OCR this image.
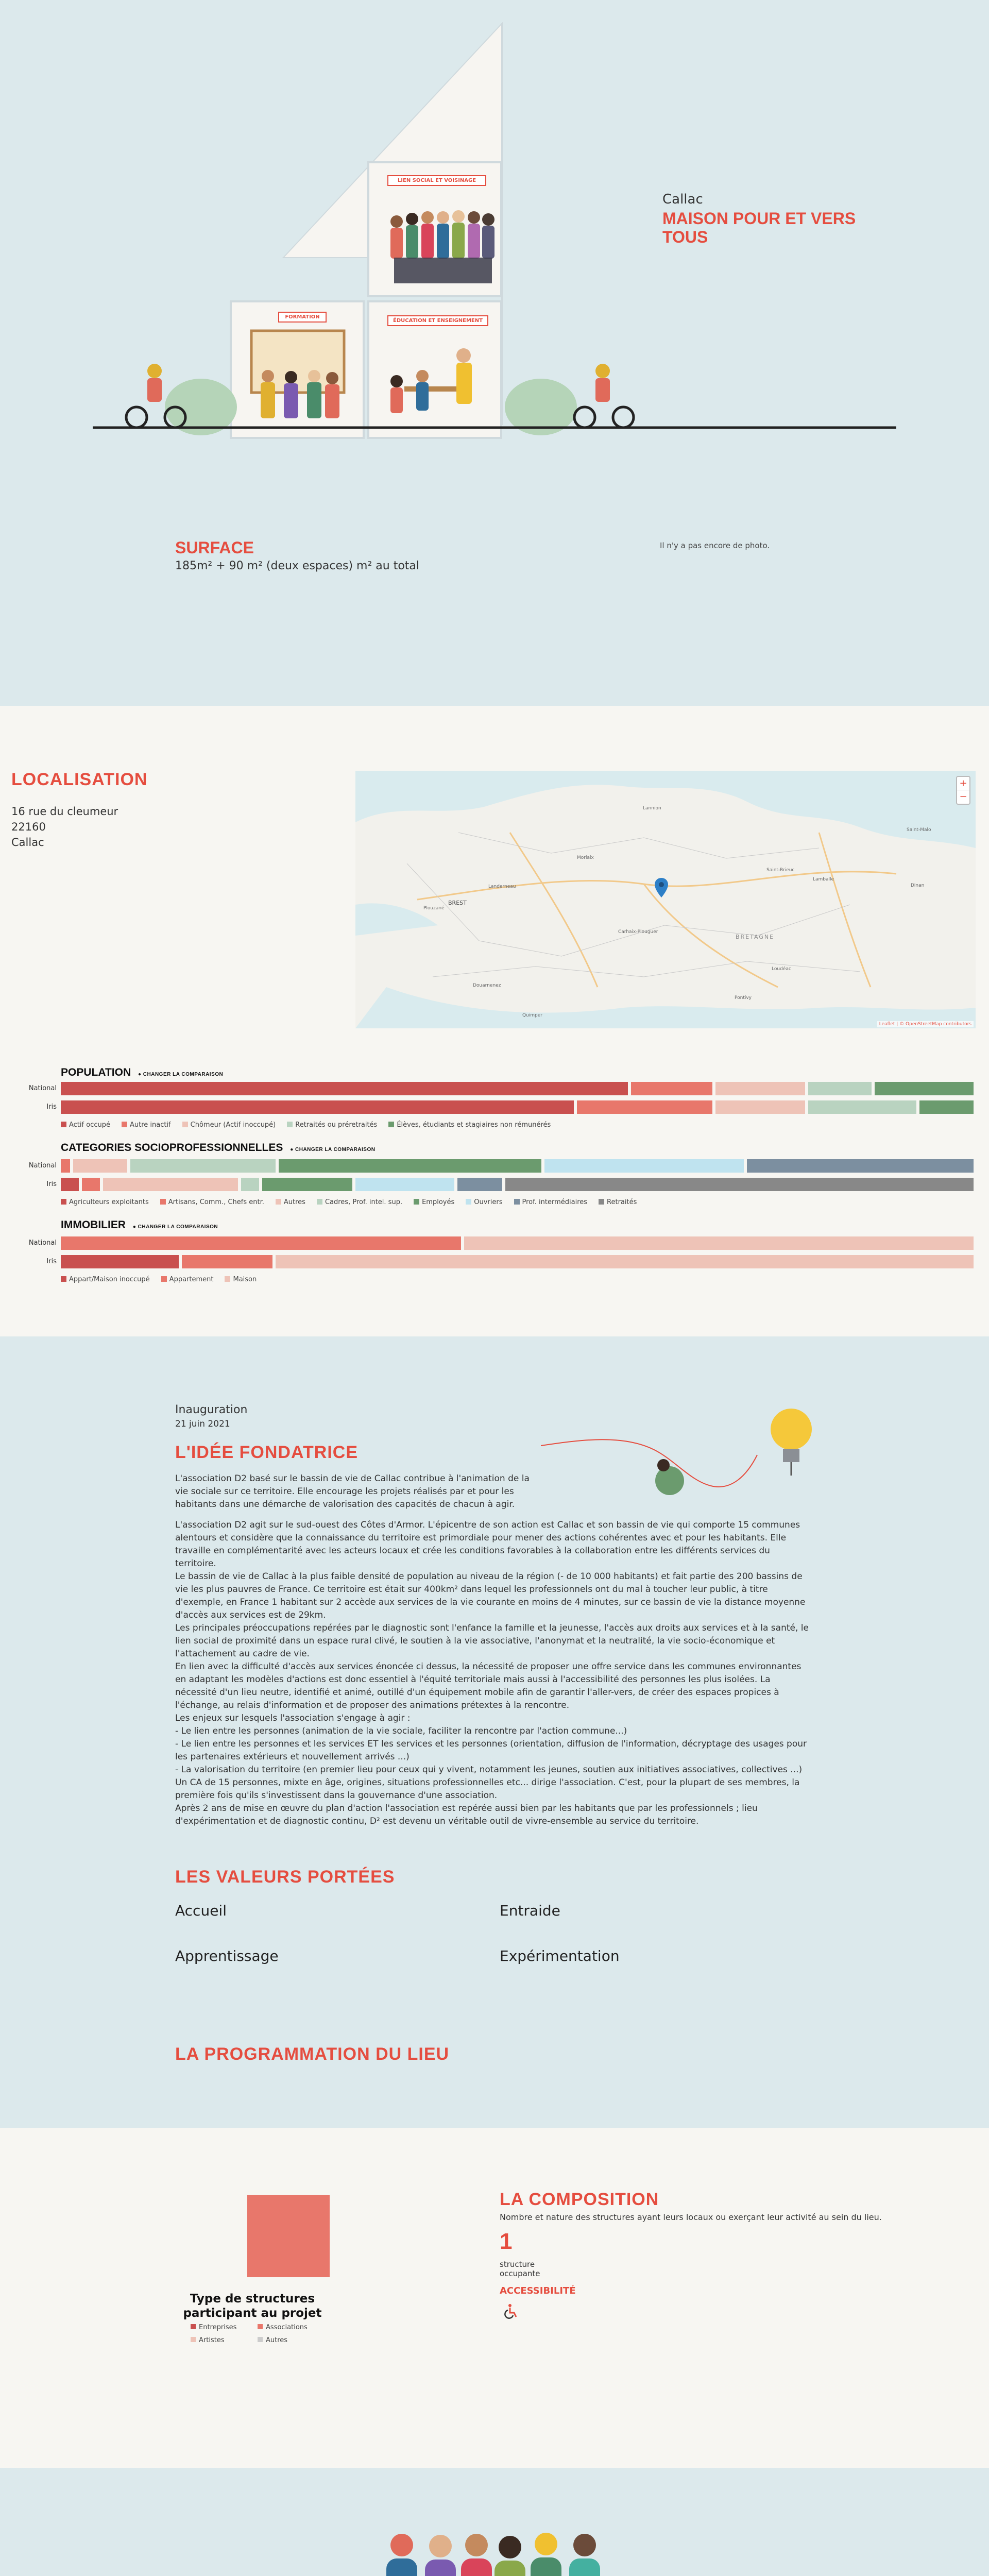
LIEN SOCIAL ET VOISINAGE
FORMATION
ÉDUCATION ET ENSEIGNEMENT
Callac
MAISON POUR ET VERS TOUS
SURFACE
185m² + 90 m² (deux espaces) m² au total
Il n'y a pas encore de photo.
LOCALISATION
16 rue du cleumeur
22160
Callac
Lannion
Saint-Brieuc
Lamballe
Dinan
Morlaix
Landerneau
BREST
Plouzané
Carhaix-Plouguer
BRETAGNE
Loudéac
Pontivy
Douarnenez
Quimper
Saint-Malo
+
−
Leaflet | © OpenStreetMap contributors
POPULATION ● CHANGER LA COMPARAISON
National
Iris
Actif occupé	Autre inactif	Chômeur (Actif inoccupé)	Retraités ou préretraités	Élèves, étudiants et stagiaires non rémunérés
CATEGORIES SOCIOPROFESSIONNELLES ● CHANGER LA COMPARAISON
National
Iris
Agriculteurs exploitants	Artisans, Comm., Chefs entr.	Autres	Cadres, Prof. intel. sup.	Employés	Ouvriers	Prof. intermédiaires	Retraités
IMMOBILIER ● CHANGER LA COMPARAISON
National
Iris
Appart/Maison inoccupé	Appartement	Maison
Inauguration
21 juin 2021
L'IDÉE FONDATRICE

L'association D2 basé sur le bassin de vie de Callac contribue à l'animation de la vie sociale sur ce territoire. Elle encourage les projets réalisés par et pour les habitants dans une démarche de valorisation des capacités de chacun à agir.

L'association D2 agit sur le sud-ouest des Côtes d'Armor. L'épicentre de son action est Callac et son bassin de vie qui comporte 15 communes alentours et considère que la connaissance du territoire est primordiale pour mener des actions cohérentes avec et pour les habitants. Elle travaille en complémentarité avec les acteurs locaux et crée les conditions favorables à la collaboration entre les différents services du territoire.

Le bassin de vie de Callac à la plus faible densité de population au niveau de la région (- de 10 000 habitants) et fait partie des 200 bassins de vie les plus pauvres de France. Ce territoire est était sur 400km² dans lequel les professionnels ont du mal à toucher leur public, à titre d'exemple, en France 1 habitant sur 2 accède aux services de la vie courante en moins de 4 minutes, sur ce bassin de vie la distance moyenne d'accès aux services est de 29km.

Les principales préoccupations repérées par le diagnostic sont l'enfance la famille et la jeunesse, l'accès aux droits aux services et à la santé, le lien social de proximité dans un espace rural clivé, le soutien à la vie associative, l'anonymat et la neutralité, la vie socio-économique et l'attachement au cadre de vie.

En lien avec la difficulté d'accès aux services énoncée ci dessus, la nécessité de proposer une offre service dans les communes environnantes en adaptant les modèles d'actions est donc essentiel à l'équité territoriale mais aussi à l'accessibilité des personnes les plus isolées. La nécessité d'un lieu neutre, identifié et animé, outillé d'un équipement mobile afin de garantir l'aller-vers, de créer des espaces propices à l'échange, au relais d'information et de proposer des animations prétextes à la rencontre.

Les enjeux sur lesquels l'association s'engage à agir :

- Le lien entre les personnes (animation de la vie sociale, faciliter la rencontre par l'action commune...)

- Le lien entre les personnes et les services ET les services et les personnes (orientation, diffusion de l'information, décryptage des usages pour les partenaires extérieurs et nouvellement arrivés ...)

- La valorisation du territoire (en premier lieu pour ceux qui y vivent, notamment les jeunes, soutien aux initiatives associatives, collectives ...)

Un CA de 15 personnes, mixte en âge, origines, situations professionnelles etc... dirige l'association. C'est, pour la plupart de ses membres, la première fois qu'ils s'investissent dans la gouvernance d'une association.

Après 2 ans de mise en œuvre du plan d'action l'association est repérée aussi bien par les habitants que par les professionnels ; lieu d'expérimentation et de diagnostic continu, D² est devenu un véritable outil de vivre-ensemble au service du territoire.

LES VALEURS PORTÉES
Accueil	Entraide
Apprentissage	Expérimentation
LA PROGRAMMATION DU LIEU
Type de structures participant au projet
Entreprises	Associations
Artistes	Autres
LA COMPOSITION
Nombre et nature des structures ayant leurs locaux ou exerçant leur activité au sein du lieu.
1
structure
occupante
ACCESSIBILITÉ
